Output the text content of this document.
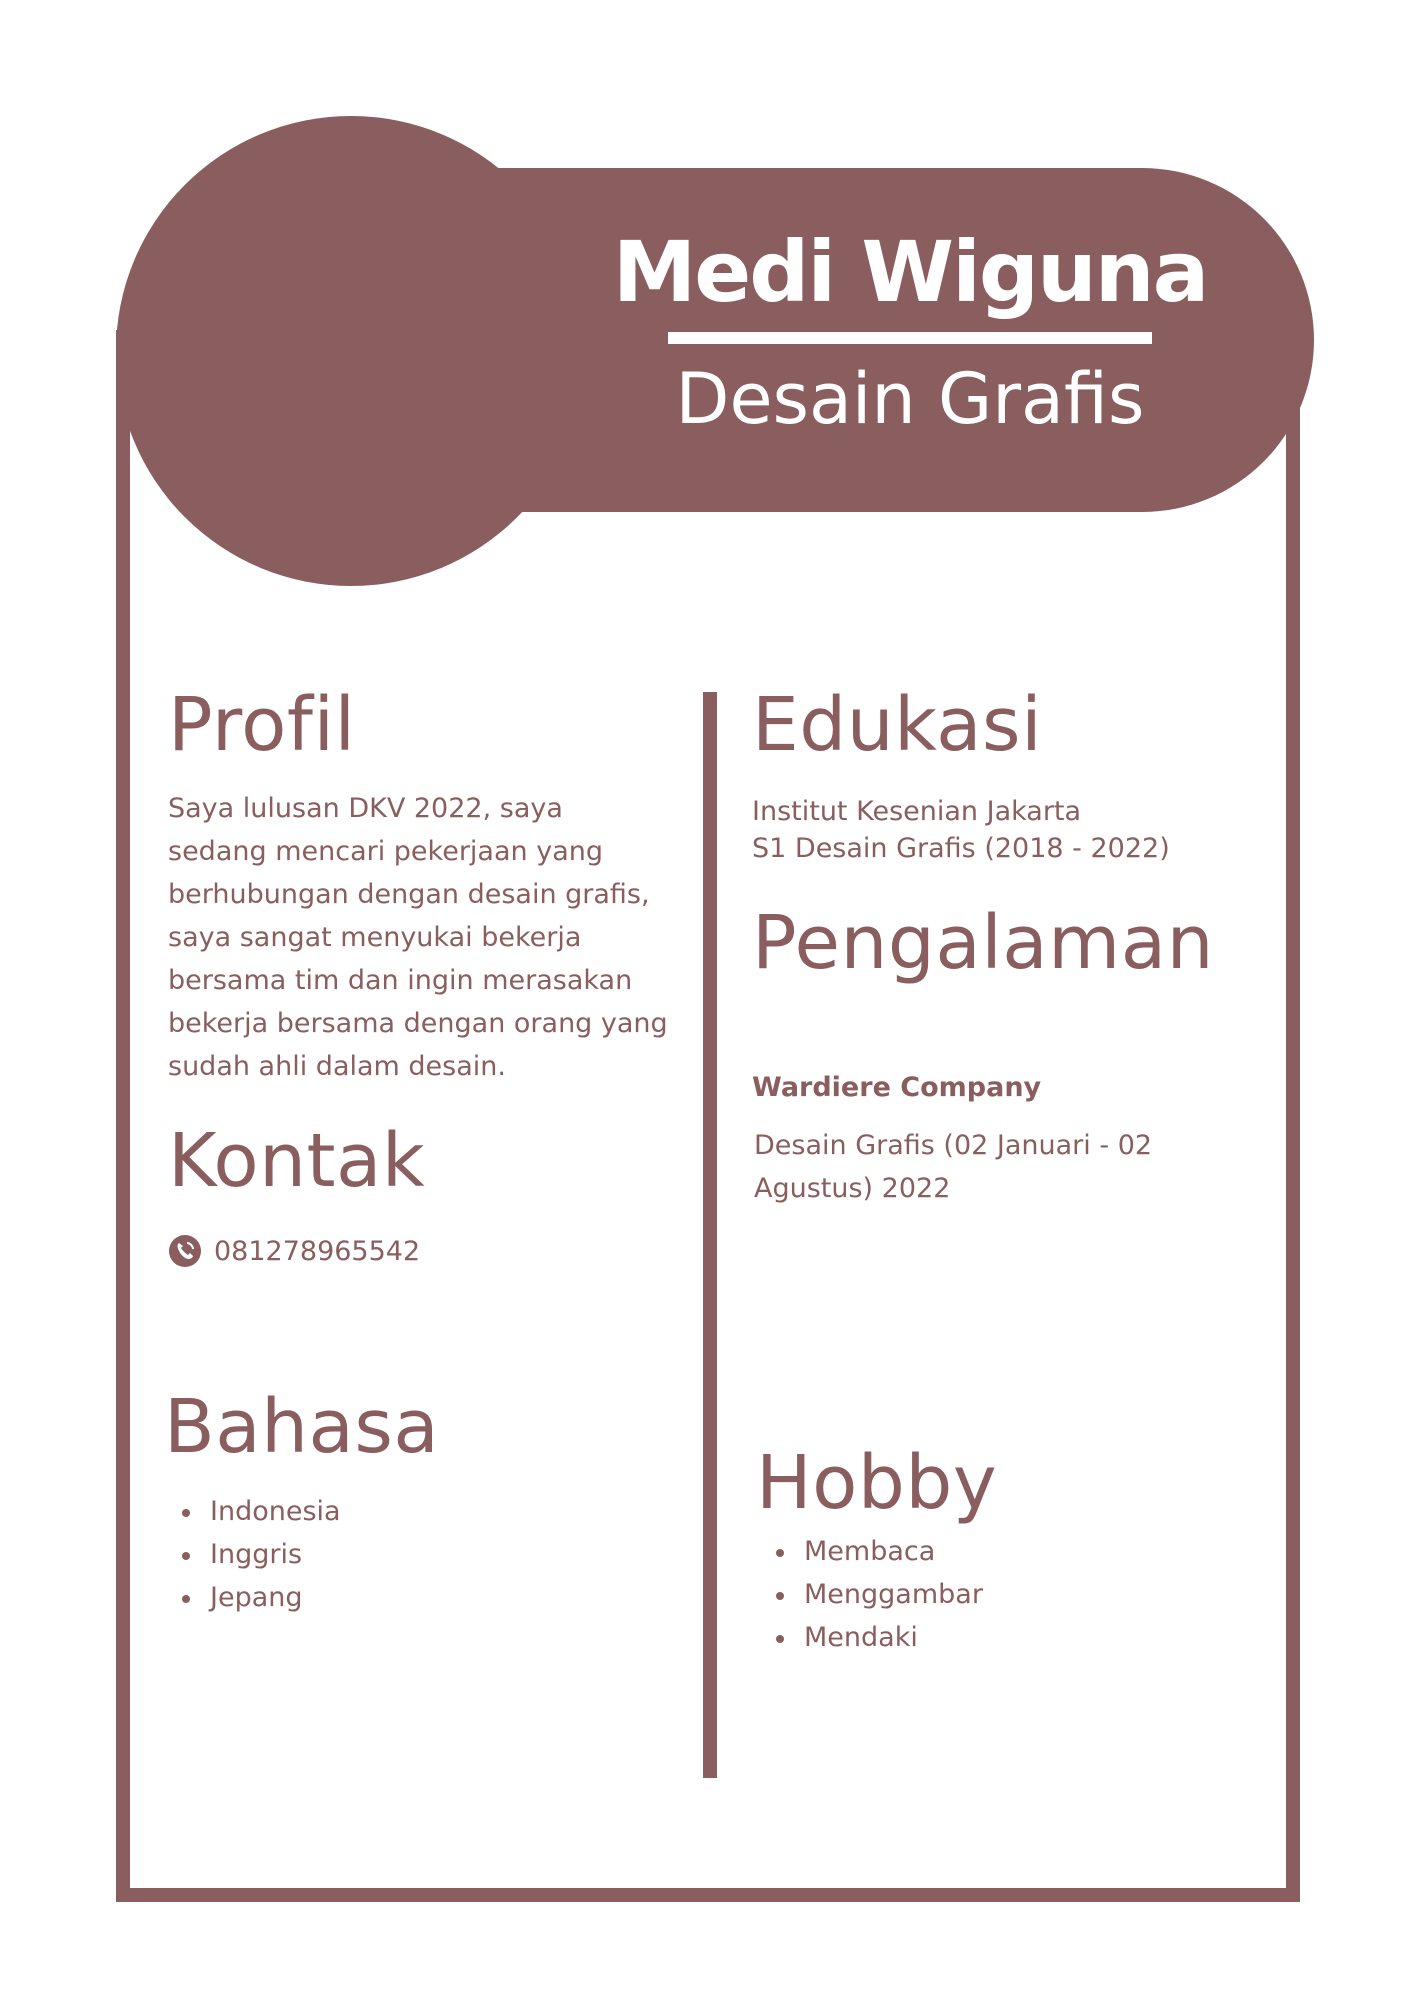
Medi Wiguna
Desain Grafis
Profil

Saya lulusan DKV 2022, saya sedang mencari pekerjaan yang berhubungan dengan desain grafis, saya sangat menyukai bekerja bersama tim dan ingin merasakan bekerja bersama dengan orang yang sudah ahli dalam desain.

Kontak
081278965542
Bahasa
Indonesia
Inggris
Jepang
Edukasi

Institut Kesenian Jakarta

S1 Desain Grafis (2018 - 2022)

Pengalaman

Wardiere Company

Desain Grafis (02 Januari - 02 Agustus) 2022

Hobby
Membaca
Menggambar
Mendaki
